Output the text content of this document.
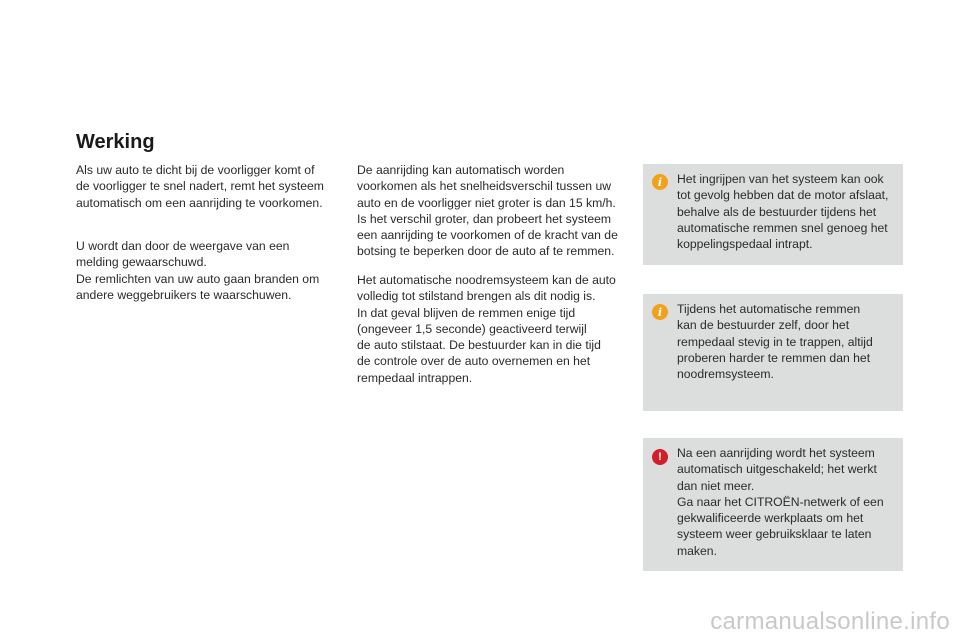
Werking

Als uw auto te dicht bij de voorligger komt of
de voorligger te snel nadert, remt het systeem
automatisch om een aanrijding te voorkomen.

U wordt dan door de weergave van een
melding gewaarschuwd.
De remlichten van uw auto gaan branden om
andere weggebruikers te waarschuwen.

De aanrijding kan automatisch worden
voorkomen als het snelheidsverschil tussen uw
auto en de voorligger niet groter is dan 15 km/h.
Is het verschil groter, dan probeert het systeem
een aanrijding te voorkomen of de kracht van de
botsing te beperken door de auto af te remmen.

Het automatische noodremsysteem kan de auto
volledig tot stilstand brengen als dit nodig is.
In dat geval blijven de remmen enige tijd
(ongeveer 1,5 seconde) geactiveerd terwijl
de auto stilstaat. De bestuurder kan in die tijd
de controle over de auto overnemen en het
rempedaal intrappen.

i	Het ingrijpen van het systeem kan ook
tot gevolg hebben dat de motor afslaat,
behalve als de bestuurder tijdens het
automatische remmen snel genoeg het
koppelingspedaal intrapt.

i	Tijdens het automatische remmen
kan de bestuurder zelf, door het
rempedaal stevig in te trappen, altijd
proberen harder te remmen dan het
noodremsysteem.

!	Na een aanrijding wordt het systeem
automatisch uitgeschakeld; het werkt
dan niet meer.
Ga naar het CITROËN-netwerk of een
gekwalificeerde werkplaats om het
systeem weer gebruiksklaar te laten
maken.

carmanualsonline.info
